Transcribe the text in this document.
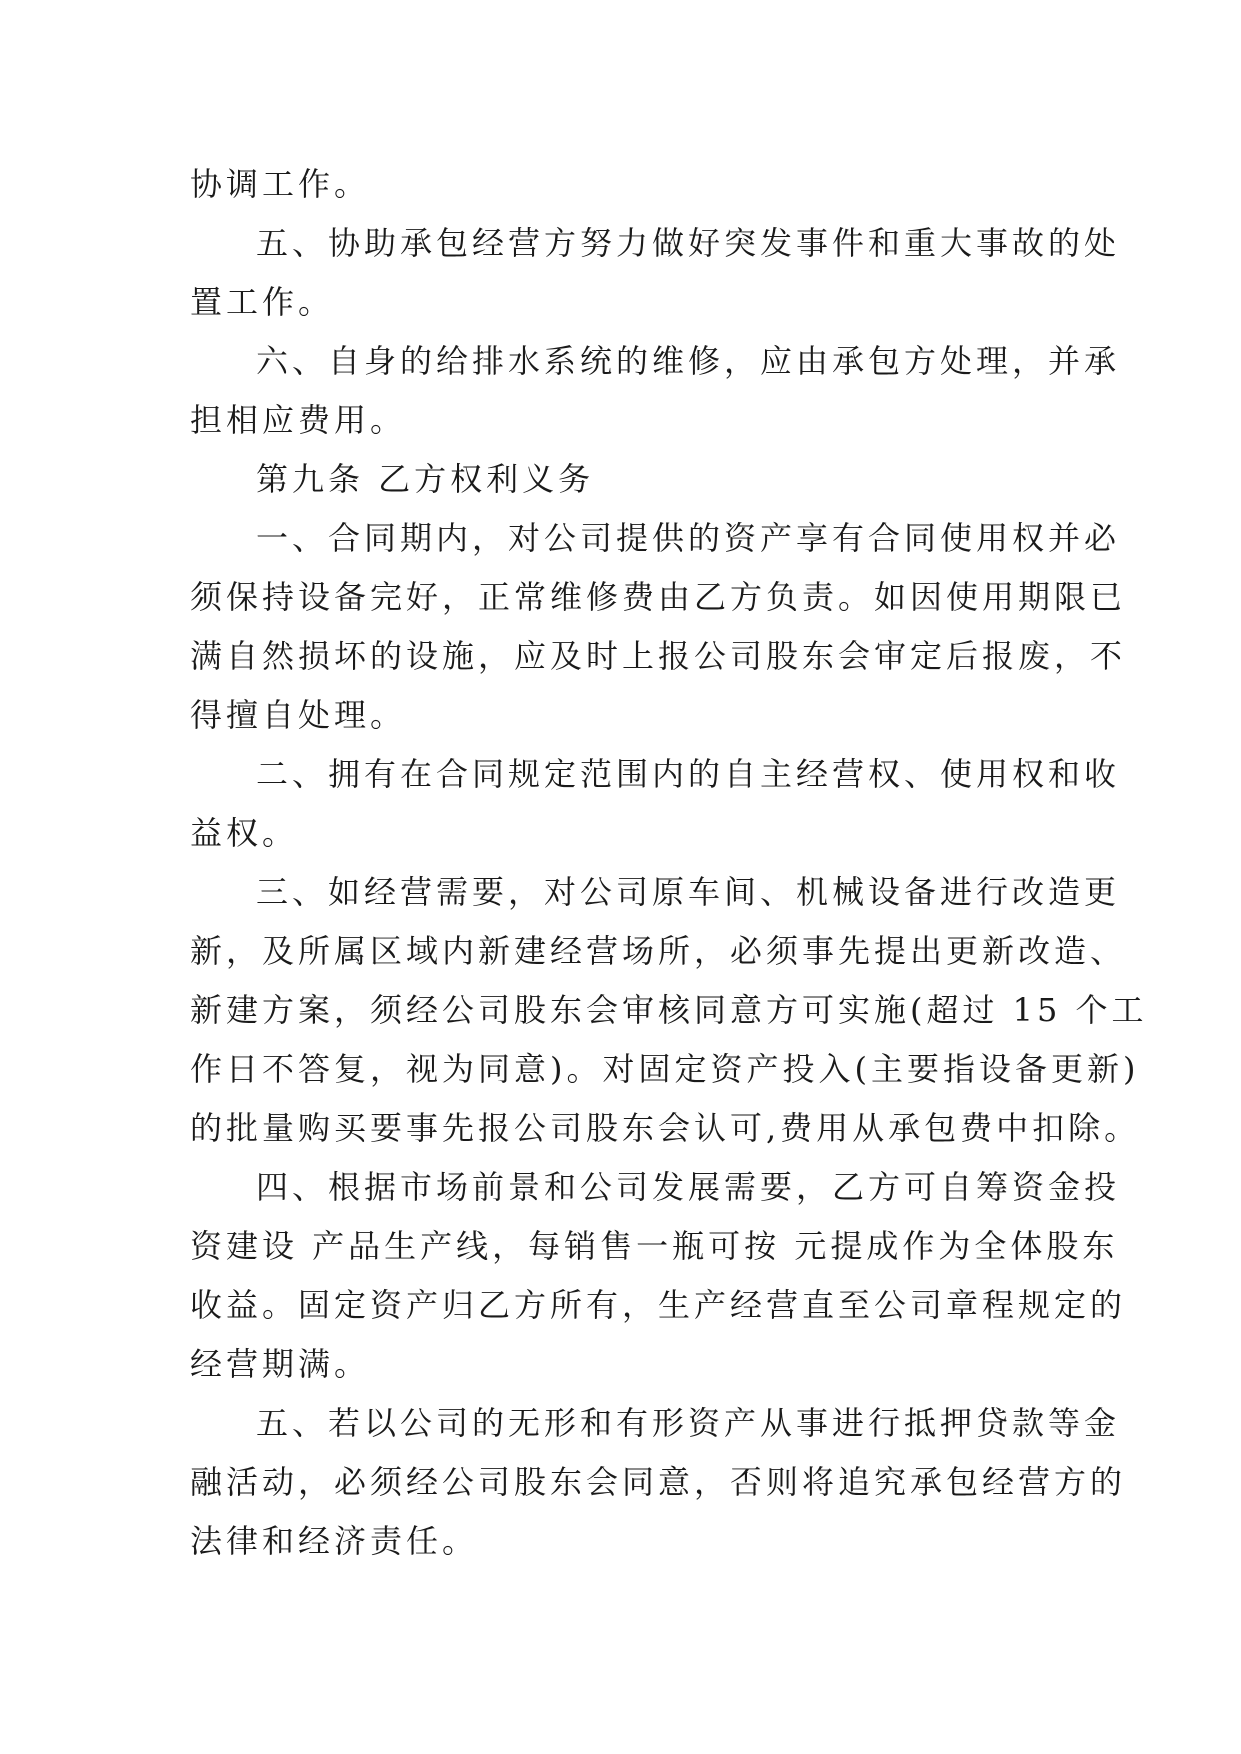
协调工作。
五、协助承包经营方努力做好突发事件和重大事故的处
置工作。
六、自身的给排水系统的维修，应由承包方处理，并承
担相应费用。
第九条 乙方权利义务
一、合同期内，对公司提供的资产享有合同使用权并必
须保持设备完好，正常维修费由乙方负责。如因使用期限已
满自然损坏的设施，应及时上报公司股东会审定后报废，不
得擅自处理。
二、拥有在合同规定范围内的自主经营权、使用权和收
益权。
三、如经营需要，对公司原车间、机械设备进行改造更
新，及所属区域内新建经营场所，必须事先提出更新改造、
新建方案，须经公司股东会审核同意方可实施(超过 15 个工
作日不答复，视为同意)。对固定资产投入(主要指设备更新)
的批量购买要事先报公司股东会认可,费用从承包费中扣除。
四、根据市场前景和公司发展需要，乙方可自筹资金投
资建设 产品生产线，每销售一瓶可按 元提成作为全体股东
收益。固定资产归乙方所有，生产经营直至公司章程规定的
经营期满。
五、若以公司的无形和有形资产从事进行抵押贷款等金
融活动，必须经公司股东会同意，否则将追究承包经营方的
法律和经济责任。
